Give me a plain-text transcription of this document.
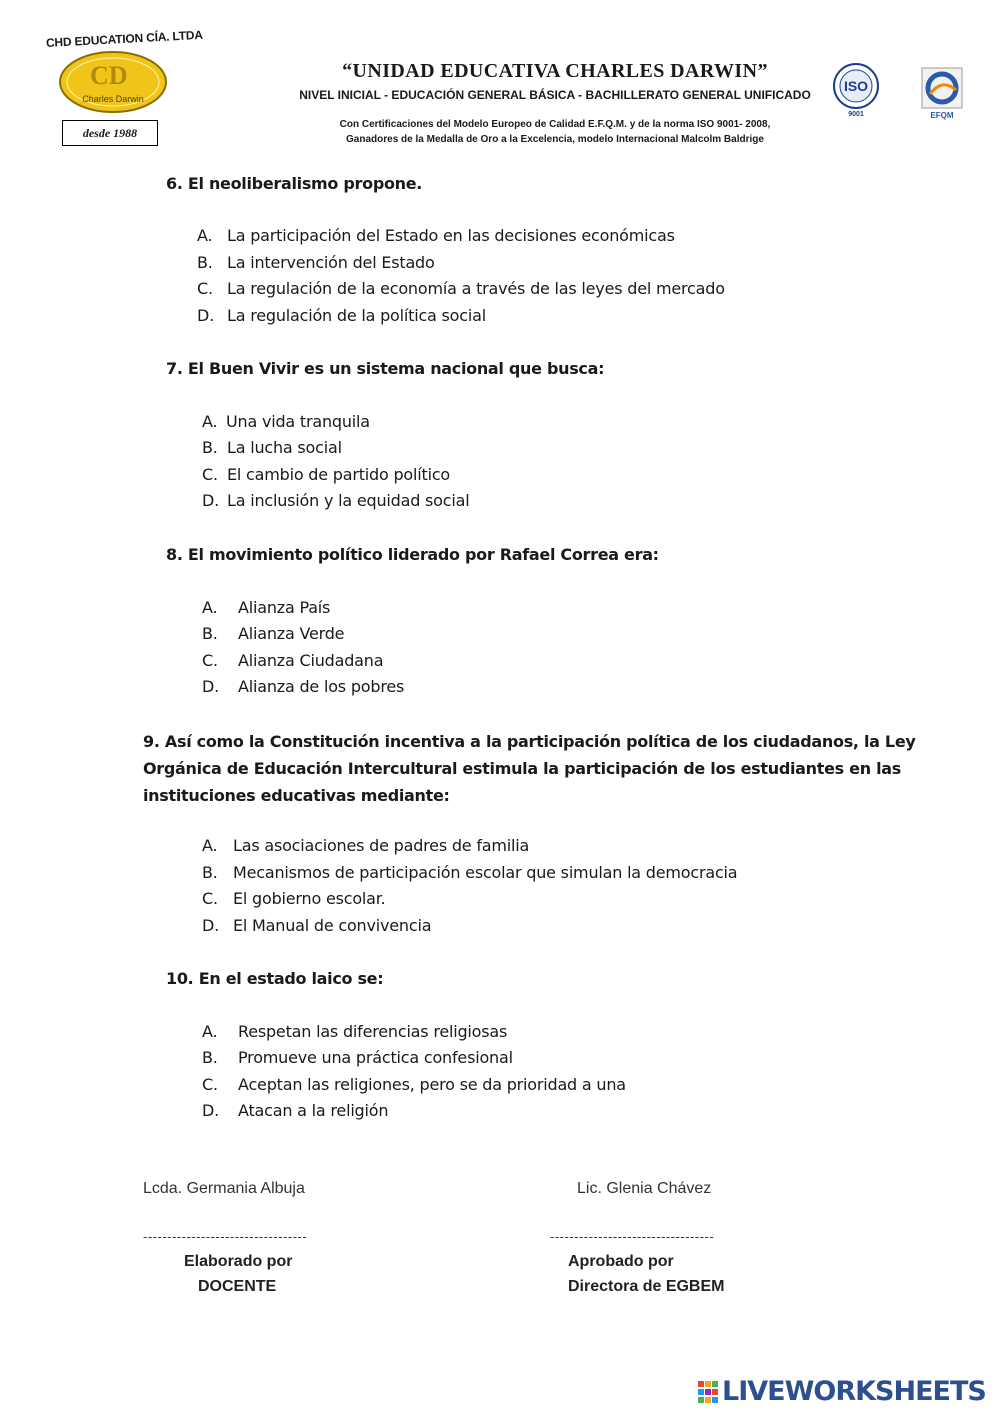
CHD EDUCATION CÍA. LTDA
CD
Charles Darwin
desde 1988
“UNIDAD EDUCATIVA CHARLES DARWIN”
NIVEL INICIAL - EDUCACIÓN GENERAL BÁSICA - BACHILLERATO GENERAL UNIFICADO
Con Certificaciones del Modelo Europeo de Calidad E.F.Q.M. y de la norma ISO 9001- 2008,
Ganadores de la Medalla de Oro a la Excelencia, modelo Internacional Malcolm Baldrige
ISO
9001	EFQM
6. El neoliberalismo propone.
A. La participación del Estado en las decisiones económicas
B. La intervención del Estado
C. La regulación de la economía a través de las leyes del mercado
D. La regulación de la política social
7. El Buen Vivir es un sistema nacional que busca:
A. Una vida tranquila
B. La lucha social
C. El cambio de partido político
D. La inclusión y la equidad social
8. El movimiento político liderado por Rafael Correa era:
A. Alianza País
B. Alianza Verde
C. Alianza Ciudadana
D. Alianza de los pobres
9. Así como la Constitución incentiva a la participación política de los ciudadanos, la Ley Orgánica de Educación Intercultural estimula la participación de los estudiantes en las instituciones educativas mediante:
A. Las asociaciones de padres de familia
B. Mecanismos de participación escolar que simulan la democracia
C. El gobierno escolar.
D. El Manual de convivencia
10. En el estado laico se:
A. Respetan las diferencias religiosas
B. Promueve una práctica confesional
C. Aceptan las religiones, pero se da prioridad a una
D. Atacan a la religión
Lcda. Germania Albuja	Lic. Glenia Chávez
----------------------------------	----------------------------------
Elaborado por
DOCENTE
Aprobado por
Directora de EGBEM
LIVEWORKSHEETS
